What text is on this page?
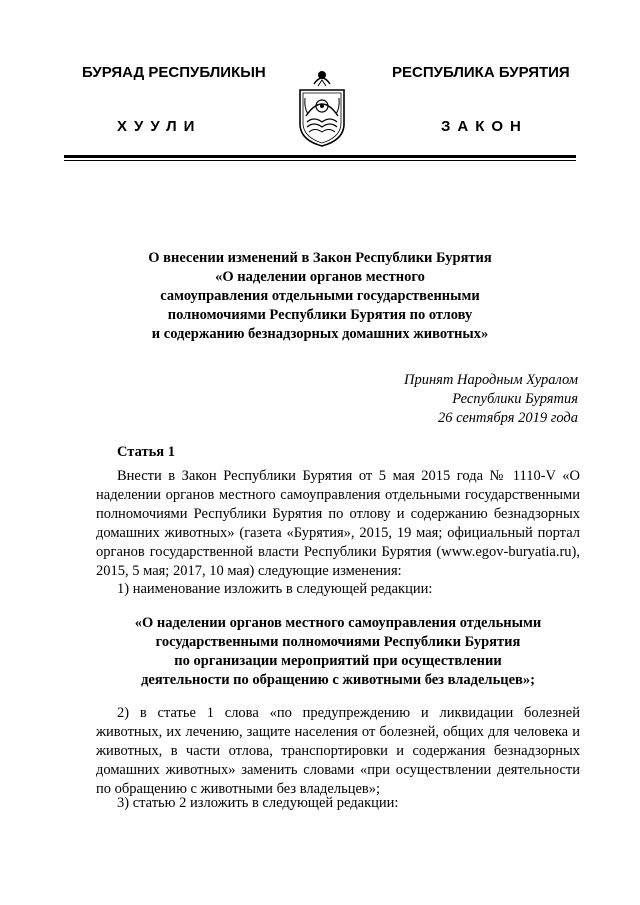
БУРЯАД РЕСПУБЛИКЫН
ХУУЛИ
РЕСПУБЛИКА БУРЯТИЯ
ЗАКОН
О внесении изменений в Закон Республики Бурятия
«О наделении органов местного
самоуправления отдельными государственными
полномочиями Республики Бурятия по отлову
и содержанию безнадзорных домашних животных»
Принят Народным Хуралом
Республики Бурятия
26 сентября 2019 года
Статья 1
Внести в Закон Республики Бурятия от 5 мая 2015 года № 1110-V «О наделении органов местного самоуправления отдельными государственными полномочиями Республики Бурятия по отлову и содержанию безнадзорных домашних животных» (газета «Бурятия», 2015, 19 мая; официальный портал органов государственной власти Республики Бурятия (www.egov-buryatia.ru), 2015, 5 мая; 2017, 10 мая) следующие изменения:
1) наименование изложить в следующей редакции:
«О наделении органов местного самоуправления отдельными
государственными полномочиями Республики Бурятия
по организации мероприятий при осуществлении
деятельности по обращению с животными без владельцев»;
2) в статье 1 слова «по предупреждению и ликвидации болезней животных, их лечению, защите населения от болезней, общих для человека и животных, в части отлова, транспортировки и содержания безнадзорных домашних животных» заменить словами «при осуществлении деятельности по обращению с животными без владельцев»;
3) статью 2 изложить в следующей редакции:
